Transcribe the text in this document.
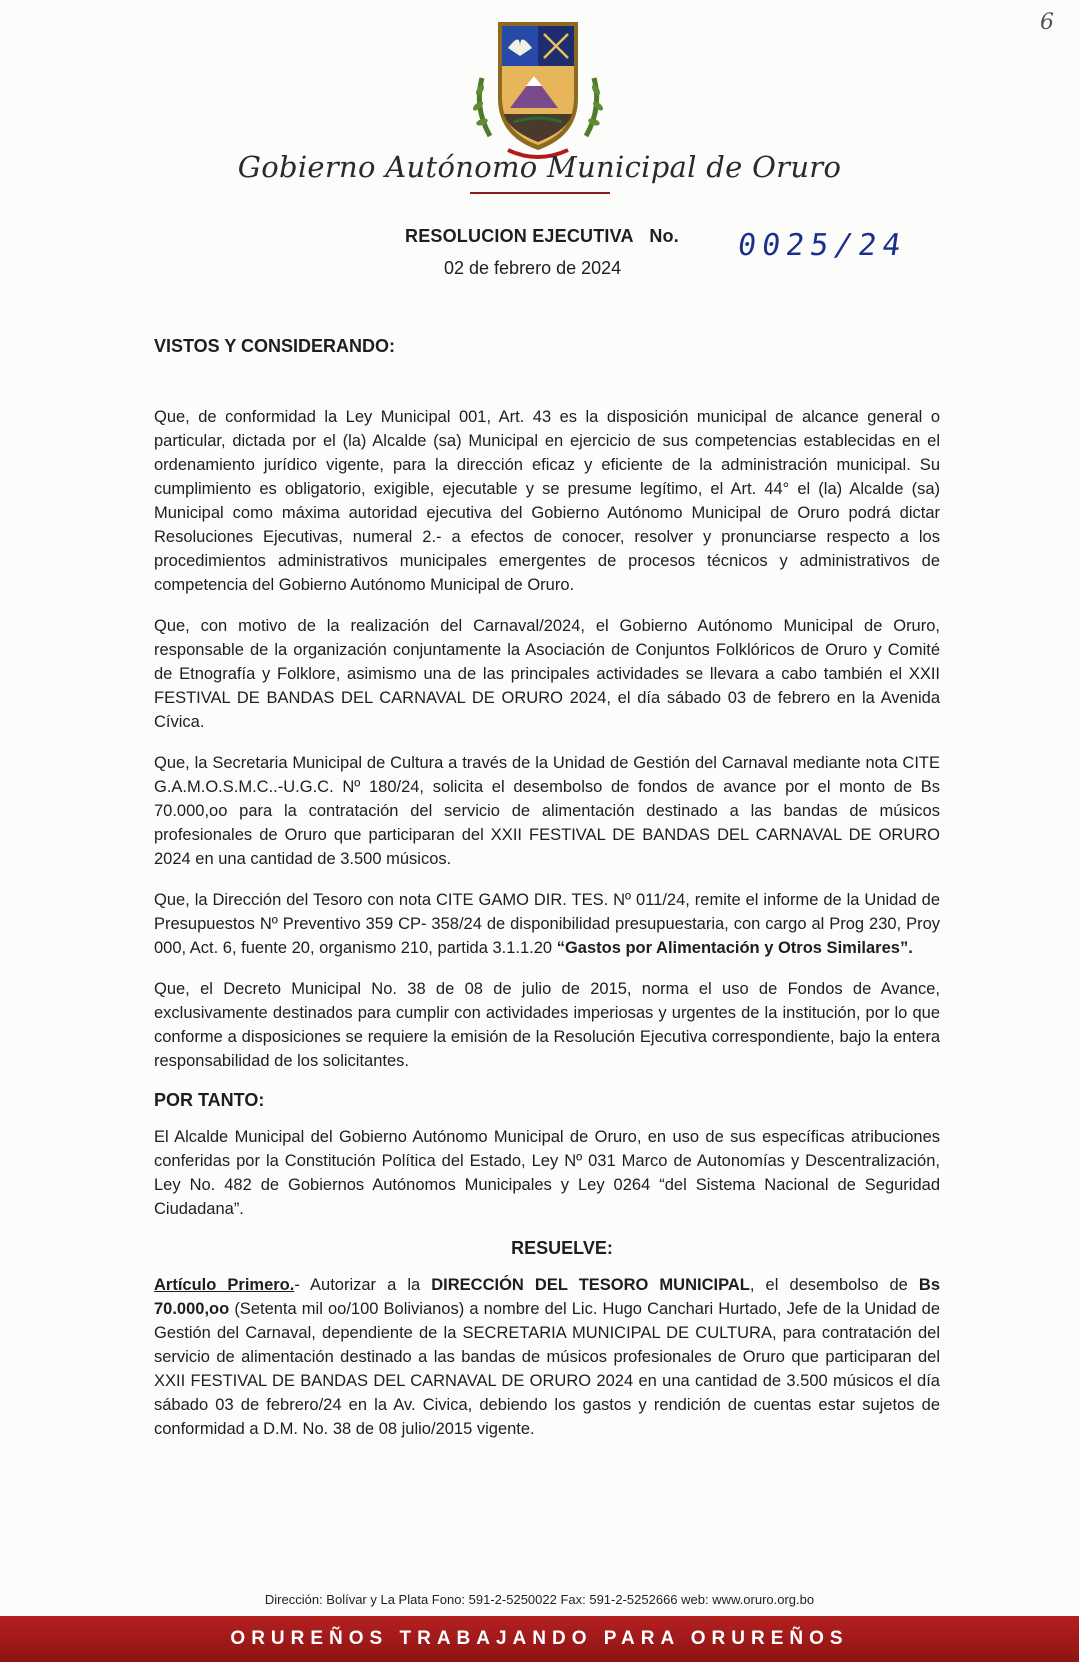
6
Gobierno Autónomo Municipal de Oruro
RESOLUCION EJECUTIVA No. 0025/24
02 de febrero de 2024

VISTOS Y CONSIDERANDO:

Que, de conformidad la Ley Municipal 001, Art. 43 es la disposición municipal de alcance general o particular, dictada por el (la) Alcalde (sa) Municipal en ejercicio de sus competencias establecidas en el ordenamiento jurídico vigente, para la dirección eficaz y eficiente de la administración municipal. Su cumplimiento es obligatorio, exigible, ejecutable y se presume legítimo, el Art. 44° el (la) Alcalde (sa) Municipal como máxima autoridad ejecutiva del Gobierno Autónomo Municipal de Oruro podrá dictar Resoluciones Ejecutivas, numeral 2.- a efectos de conocer, resolver y pronunciarse respecto a los procedimientos administrativos municipales emergentes de procesos técnicos y administrativos de competencia del Gobierno Autónomo Municipal de Oruro.

Que, con motivo de la realización del Carnaval/2024, el Gobierno Autónomo Municipal de Oruro, responsable de la organización conjuntamente la Asociación de Conjuntos Folklóricos de Oruro y Comité de Etnografía y Folklore, asimismo una de las principales actividades se llevara a cabo también el XXII FESTIVAL DE BANDAS DEL CARNAVAL DE ORURO 2024, el día sábado 03 de febrero en la Avenida Cívica.

Que, la Secretaria Municipal de Cultura a través de la Unidad de Gestión del Carnaval mediante nota CITE G.A.M.O.S.M.C..-U.G.C. Nº 180/24, solicita el desembolso de fondos de avance por el monto de Bs 70.000,oo para la contratación del servicio de alimentación destinado a las bandas de músicos profesionales de Oruro que participaran del XXII FESTIVAL DE BANDAS DEL CARNAVAL DE ORURO 2024 en una cantidad de 3.500 músicos.

Que, la Dirección del Tesoro con nota CITE GAMO DIR. TES. Nº 011/24, remite el informe de la Unidad de Presupuestos Nº Preventivo 359 CP- 358/24 de disponibilidad presupuestaria, con cargo al Prog 230, Proy 000, Act. 6, fuente 20, organismo 210, partida 3.1.1.20 “Gastos por Alimentación y Otros Similares”.

Que, el Decreto Municipal No. 38 de 08 de julio de 2015, norma el uso de Fondos de Avance, exclusivamente destinados para cumplir con actividades imperiosas y urgentes de la institución, por lo que conforme a disposiciones se requiere la emisión de la Resolución Ejecutiva correspondiente, bajo la entera responsabilidad de los solicitantes.

POR TANTO:

El Alcalde Municipal del Gobierno Autónomo Municipal de Oruro, en uso de sus específicas atribuciones conferidas por la Constitución Política del Estado, Ley Nº 031 Marco de Autonomías y Descentralización, Ley No. 482 de Gobiernos Autónomos Municipales y Ley 0264 “del Sistema Nacional de Seguridad Ciudadana”.

RESUELVE:

Artículo Primero.- Autorizar a la DIRECCIÓN DEL TESORO MUNICIPAL, el desembolso de Bs 70.000,oo (Setenta mil oo/100 Bolivianos) a nombre del Lic. Hugo Canchari Hurtado, Jefe de la Unidad de Gestión del Carnaval, dependiente de la SECRETARIA MUNICIPAL DE CULTURA, para contratación del servicio de alimentación destinado a las bandas de músicos profesionales de Oruro que participaran del XXII FESTIVAL DE BANDAS DEL CARNAVAL DE ORURO 2024 en una cantidad de 3.500 músicos el día sábado 03 de febrero/24 en la Av. Civica, debiendo los gastos y rendición de cuentas estar sujetos de conformidad a D.M. No. 38 de 08 julio/2015 vigente.

Dirección: Bolívar y La Plata Fono: 591-2-5250022 Fax: 591-2-5252666 web: www.oruro.org.bo
ORUREÑOS TRABAJANDO PARA ORUREÑOS
